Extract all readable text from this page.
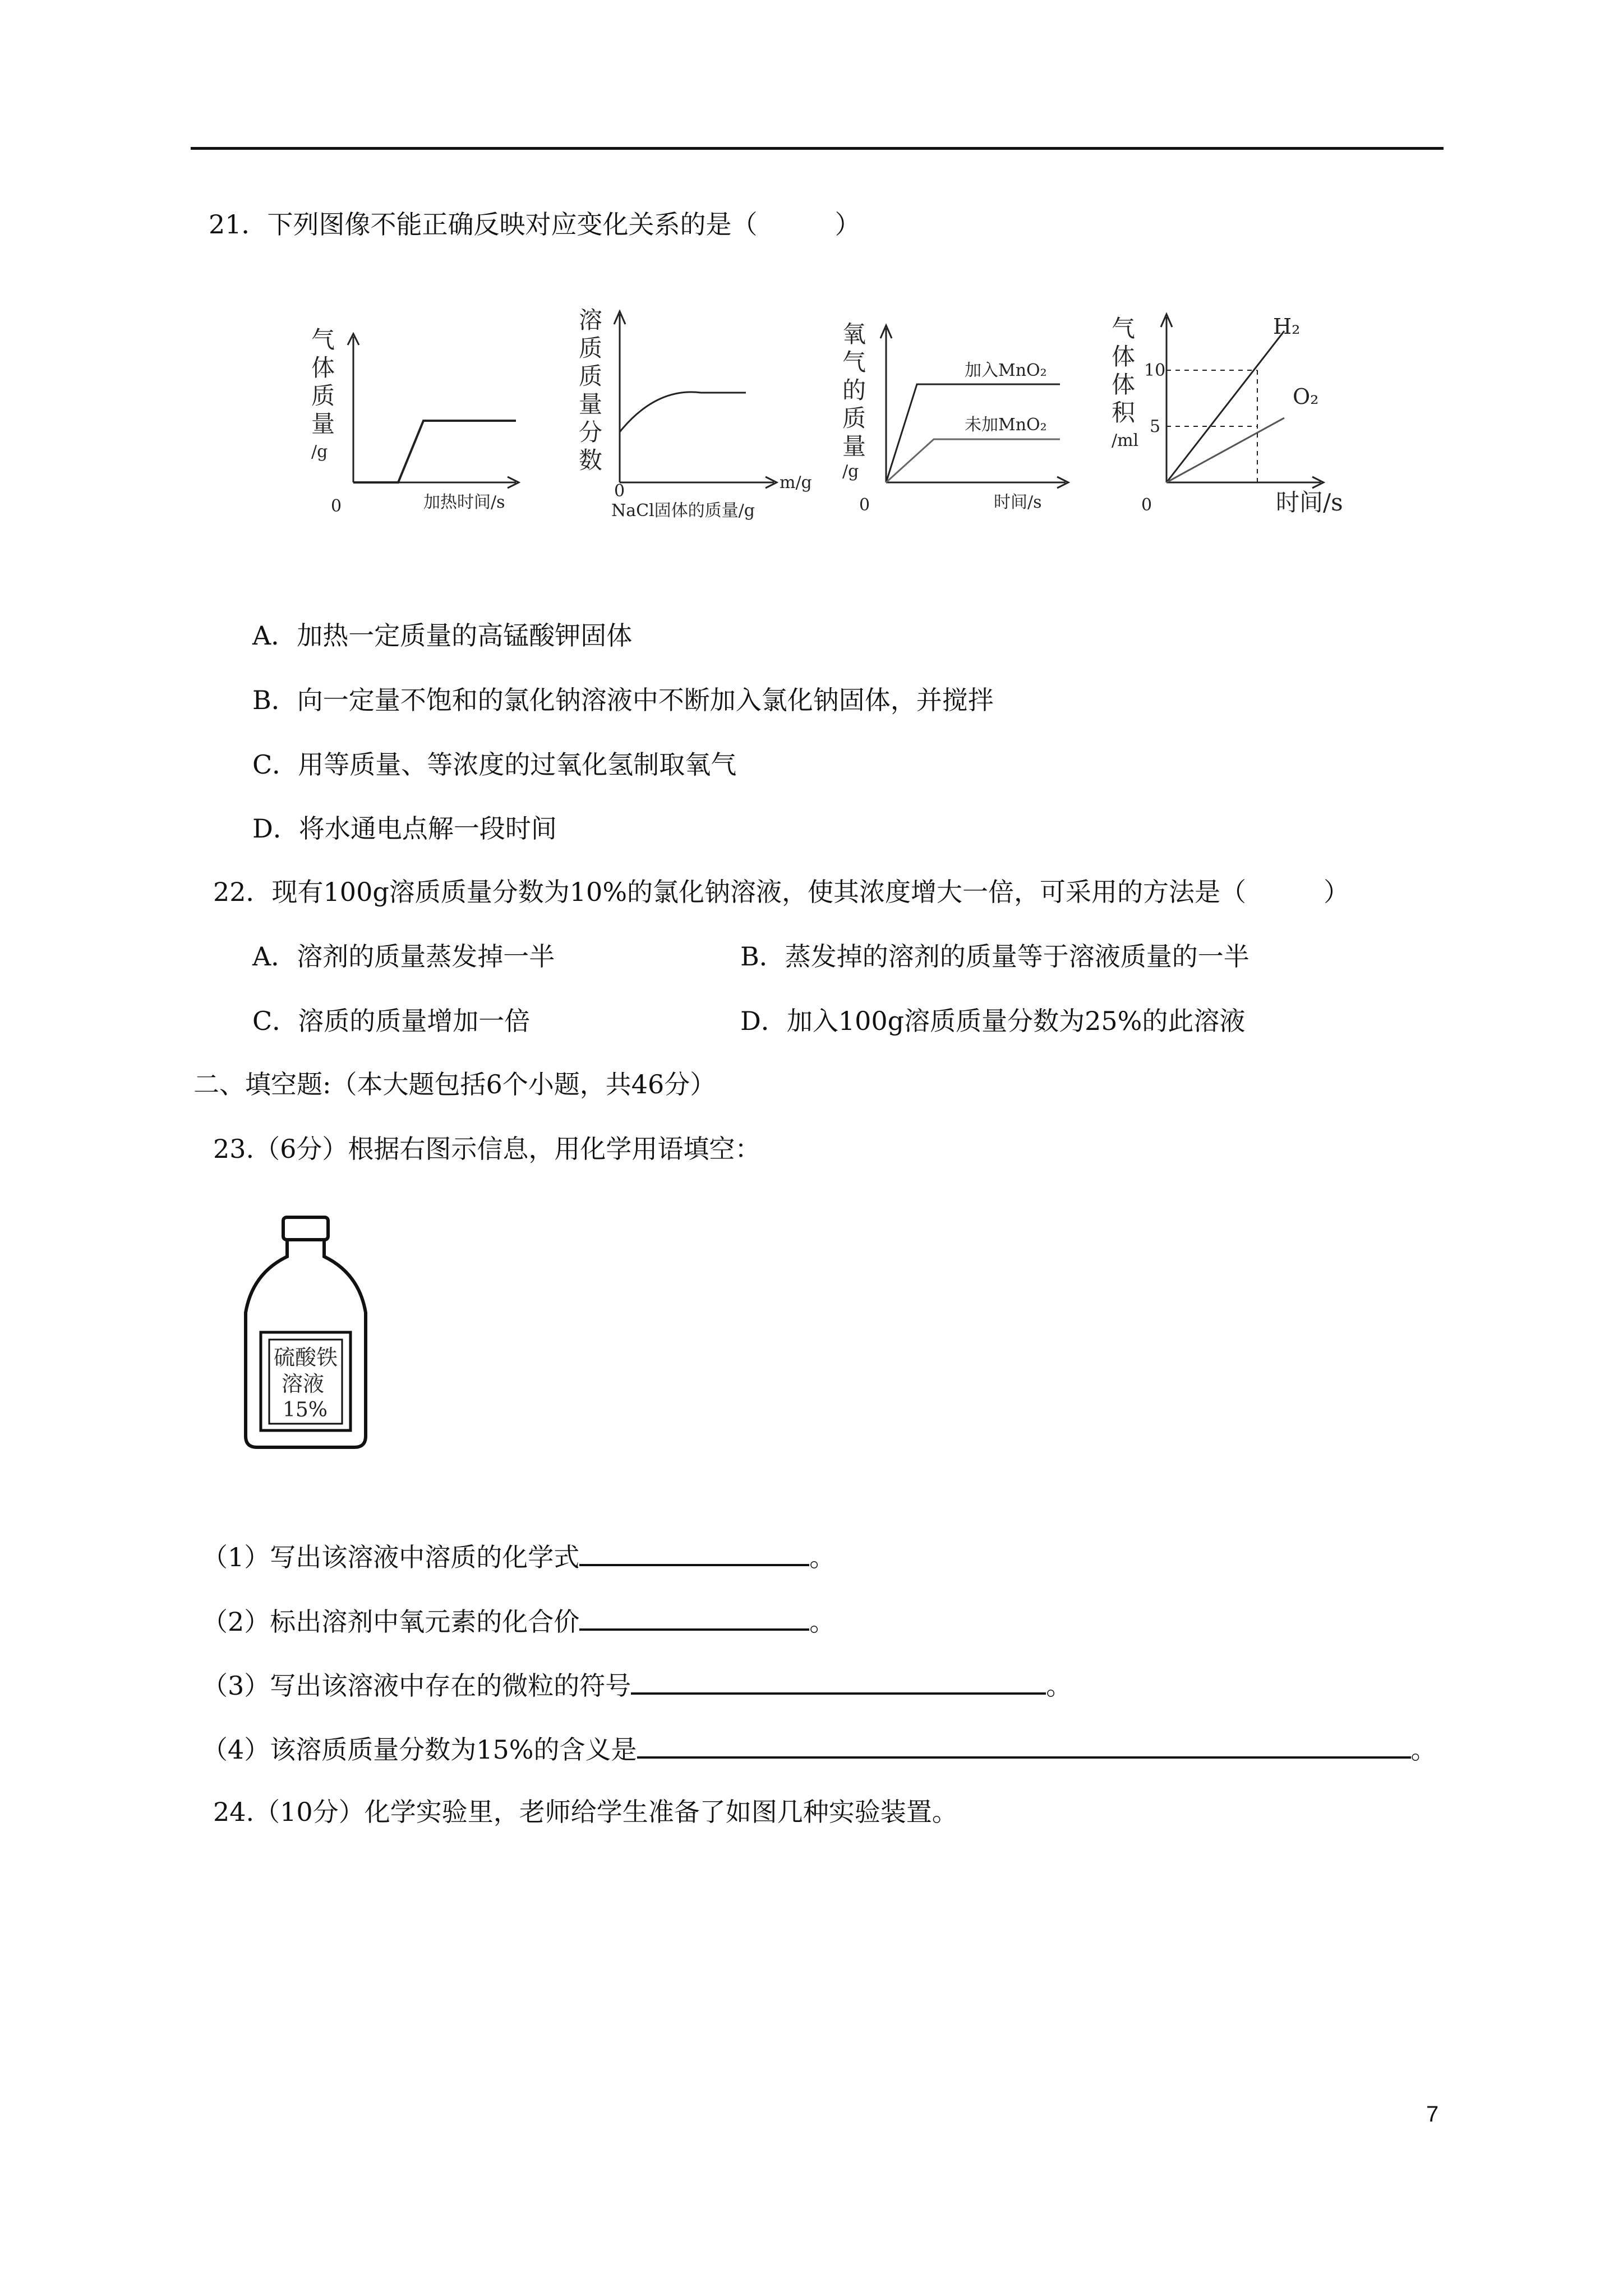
21．下列图像不能正确反映对应变化关系的是（　　　）
气
体
质
量
/g
0	加热时间/s
溶
质
质
量
分
数
0	m/g
NaCl固体的质量/g
氧
气
的
质
量
/g
加入MnO₂
未加MnO₂
0	时间/s
气
体
体
积
/ml
10
5
H₂
O₂
0	时间/s
A．加热一定质量的高锰酸钾固体
B．向一定量不饱和的氯化钠溶液中不断加入氯化钠固体，并搅拌
C．用等质量、等浓度的过氧化氢制取氧气
D．将水通电点解一段时间
22．现有100g溶质质量分数为10%的氯化钠溶液，使其浓度增大一倍，可采用的方法是（　　　）
A．溶剂的质量蒸发掉一半	B．蒸发掉的溶剂的质量等于溶液质量的一半
C．溶质的质量增加一倍	D．加入100g溶质质量分数为25%的此溶液
二、填空题:（本大题包括6个小题，共46分）
23.（6分）根据右图示信息，用化学用语填空：
硫酸铁
溶液
15%
（1）写出该溶液中溶质的化学式	。
（2）标出溶剂中氧元素的化合价	。
（3）写出该溶液中存在的微粒的符号	。
（4）该溶质质量分数为15%的含义是	。
24.（10分）化学实验里，老师给学生准备了如图几种实验装置。
7
